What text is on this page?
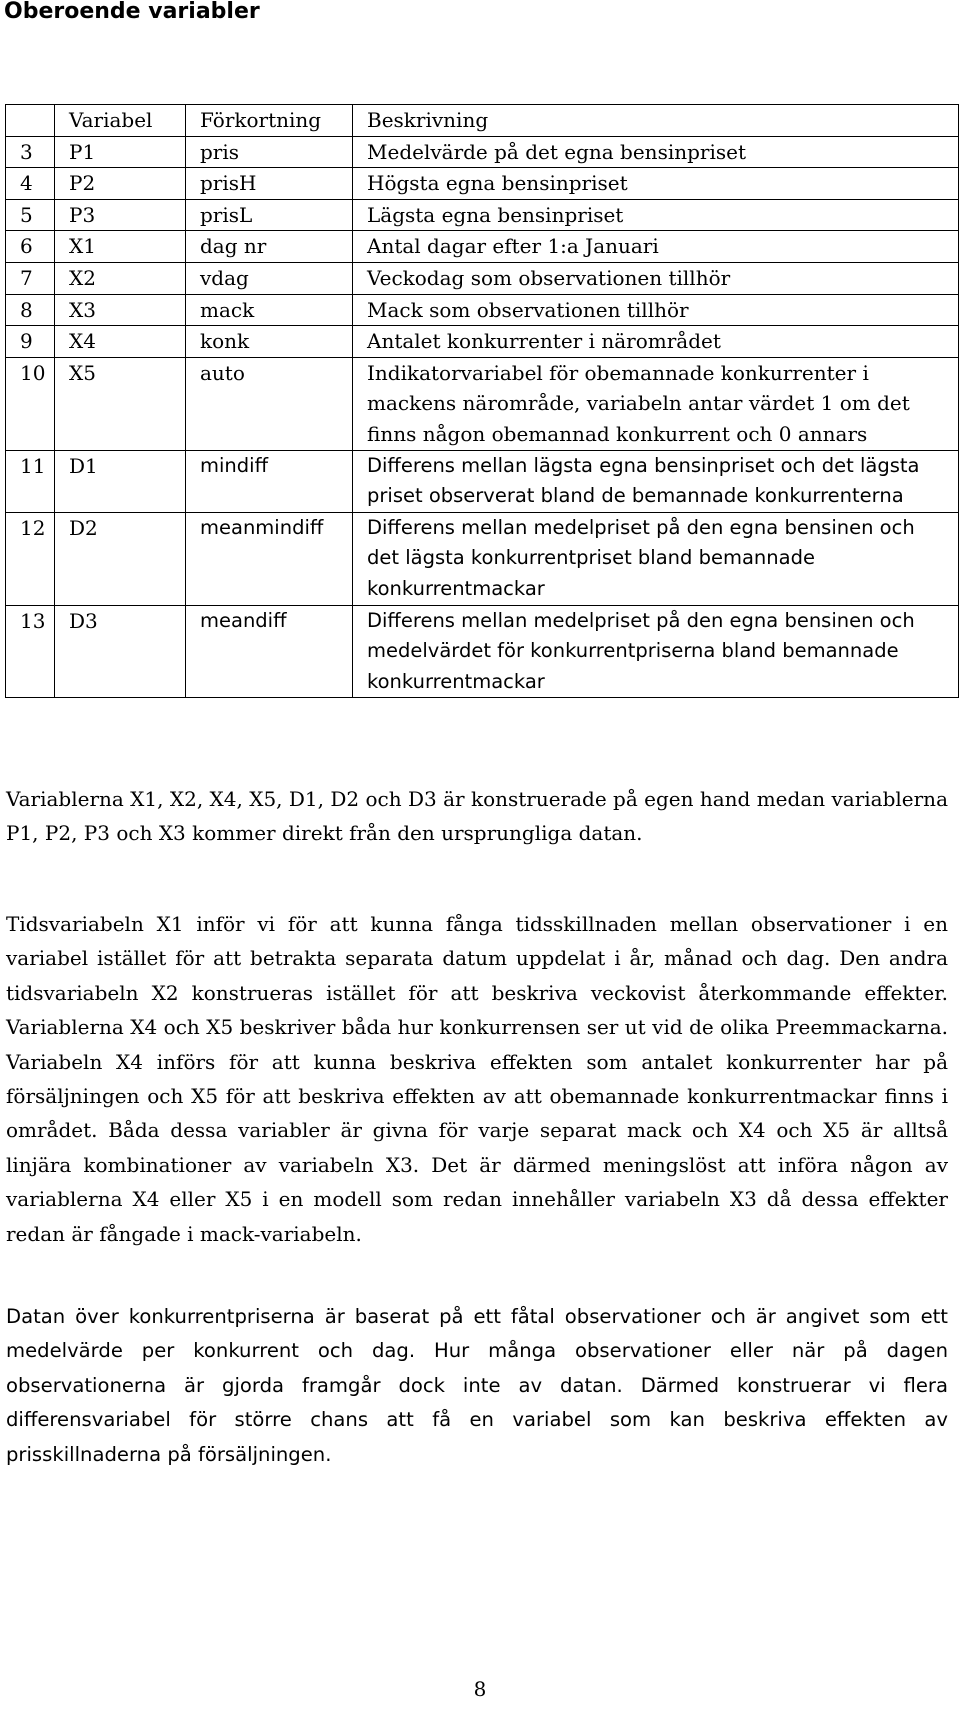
Oberoende variabler
	Variabel	Förkortning	Beskrivning
3	P1	pris	Medelvärde på det egna bensinpriset
4	P2	prisH	Högsta egna bensinpriset
5	P3	prisL	Lägsta egna bensinpriset
6	X1	dag nr	Antal dagar efter 1:a Januari
7	X2	vdag	Veckodag som observationen tillhör
8	X3	mack	Mack som observationen tillhör
9	X4	konk	Antalet konkurrenter i närområdet
10	X5	auto	Indikatorvariabel för obemannade konkurrenter i mackens närområde, variabeln antar värdet 1 om det finns någon obemannad konkurrent och 0 annars
11	D1	mindiff	Differens mellan lägsta egna bensinpriset och det lägsta priset observerat bland de bemannade konkurrenterna
12	D2	meanmindiff	Differens mellan medelpriset på den egna bensinen och det lägsta konkurrentpriset bland bemannade konkurrentmackar
13	D3	meandiff	Differens mellan medelpriset på den egna bensinen och medelvärdet för konkurrentpriserna bland bemannade konkurrentmackar

Variablerna X1, X2, X4, X5, D1, D2 och D3 är konstruerade på egen hand medan variablerna P1, P2, P3 och X3 kommer direkt från den ursprungliga datan.

Tidsvariabeln X1 inför vi för att kunna fånga tidsskillnaden mellan observationer i en variabel istället för att betrakta separata datum uppdelat i år, månad och dag. Den andra tidsvariabeln X2 konstrueras istället för att beskriva veckovist återkommande effekter. Variablerna X4 och X5 beskriver båda hur konkurrensen ser ut vid de olika Preemmackarna. Variabeln X4 införs för att kunna beskriva effekten som antalet konkurrenter har på försäljningen och X5 för att beskriva effekten av att obemannade konkurrentmackar finns i området. Båda dessa variabler är givna för varje separat mack och X4 och X5 är alltså linjära kombinationer av variabeln X3. Det är därmed meningslöst att införa någon av variablerna X4 eller X5 i en modell som redan innehåller variabeln X3 då dessa effekter redan är fångade i mack-variabeln.

Datan över konkurrentpriserna är baserat på ett fåtal observationer och är angivet som ett medelvärde per konkurrent och dag. Hur många observationer eller när på dagen observationerna är gjorda framgår dock inte av datan. Därmed konstruerar vi flera differensvariabel för större chans att få en variabel som kan beskriva effekten av prisskillnaderna på försäljningen.

8
